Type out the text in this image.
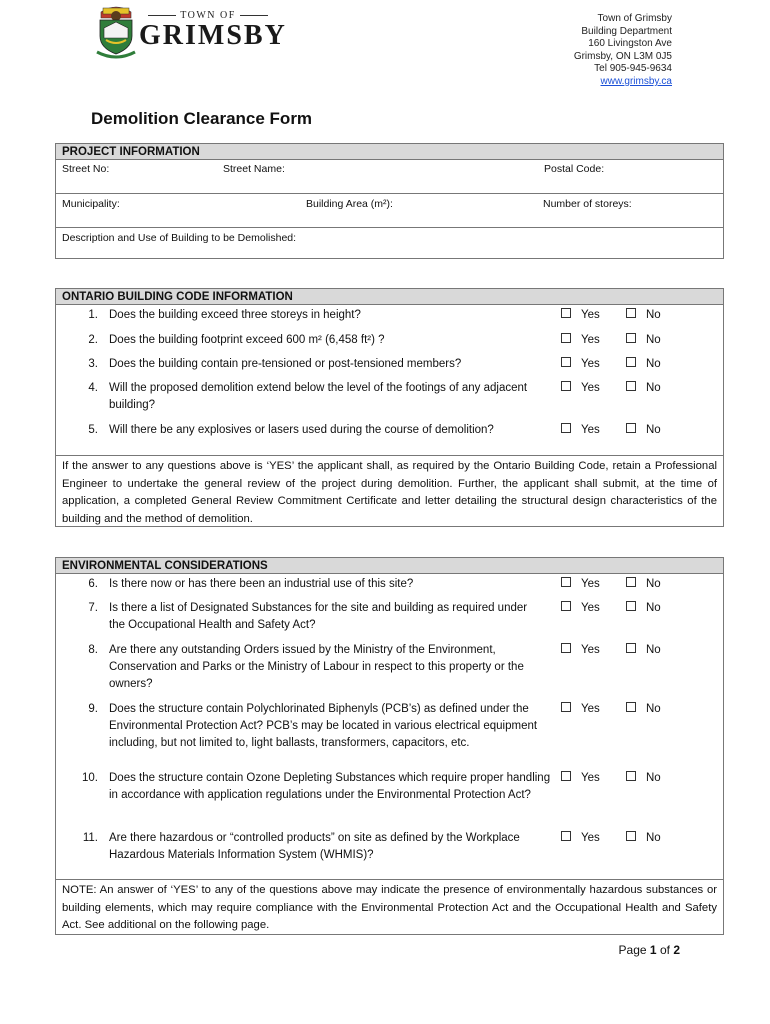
TOWN OF
GRIMSBY
Town of Grimsby
Building Department
160 Livingston Ave
Grimsby, ON L3M 0J5
Tel 905-945-9634
www.grimsby.ca
Demolition Clearance Form
PROJECT INFORMATION
Street No:	Street Name:	Postal Code:
Municipality:	Building Area (m²):	Number of storeys:
Description and Use of Building to be Demolished:
ONTARIO BUILDING CODE INFORMATION
1. Does the building exceed three storeys in height?	Yes	No
2. Does the building footprint exceed 600 m² (6,458 ft²) ?	Yes	No
3. Does the building contain pre-tensioned or post-tensioned members?	Yes	No
4. Will the proposed demolition extend below the level of the footings of any adjacent building?
Yes	No
5. Will there be any explosives or lasers used during the course of demolition?	Yes	No
If the answer to any questions above is ‘YES’ the applicant shall, as required by the Ontario Building Code, retain a Professional Engineer to undertake the general review of the project during demolition. Further, the applicant shall submit, at the time of application, a completed General Review Commitment Certificate and letter detailing the structural design characteristics of the building and the method of demolition.
ENVIRONMENTAL CONSIDERATIONS
6. Is there now or has there been an industrial use of this site?	Yes	No
7. Is there a list of Designated Substances for the site and building as required under the Occupational Health and Safety Act?
Yes	No
8. Are there any outstanding Orders issued by the Ministry of the Environment, Conservation and Parks or the Ministry of Labour in respect to this property or the owners?
Yes	No
9. Does the structure contain Polychlorinated Biphenyls (PCB’s) as defined under the Environmental Protection Act? PCB’s may be located in various electrical equipment including, but not limited to, light ballasts, transformers, capacitors, etc.
Yes	No
10. Does the structure contain Ozone Depleting Substances which require proper handling in accordance with application regulations under the Environmental Protection Act?
Yes	No
11. Are there hazardous or “controlled products” on site as defined by the Workplace Hazardous Materials Information System (WHMIS)?
Yes	No
NOTE: An answer of ‘YES’ to any of the questions above may indicate the presence of environmentally hazardous substances or building elements, which may require compliance with the Environmental Protection Act and the Occupational Health and Safety Act. See additional on the following page.
Page 1 of 2
